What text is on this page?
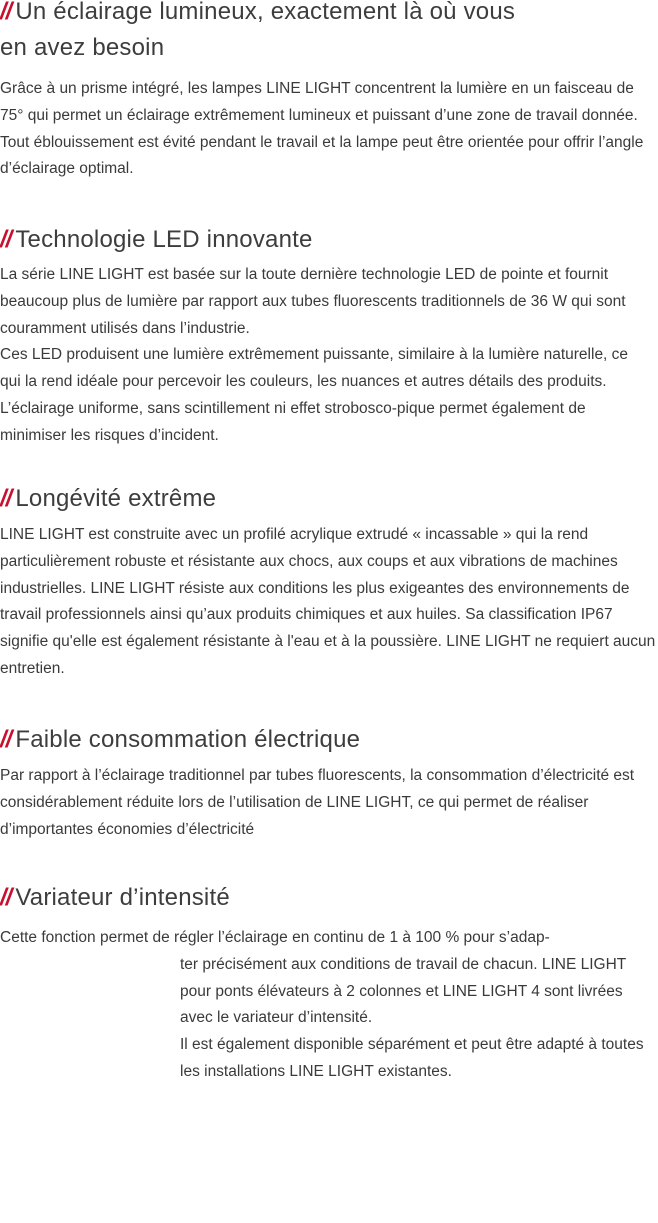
// Un éclairage lumineux, exactement là où vous
en avez besoin

Grâce à un prisme intégré, les lampes LINE LIGHT concentrent la lumière en un faisceau de 75° qui permet un éclairage extrêmement lumineux et puissant d’une zone de travail donnée. Tout éblouissement est évité pendant le travail et la lampe peut être orientée pour offrir l’angle d’éclairage optimal.

// Technologie LED innovante

La série LINE LIGHT est basée sur la toute dernière technologie LED de pointe et fournit beaucoup plus de lumière par rapport aux tubes fluorescents traditionnels de 36 W qui sont couramment utilisés dans l’industrie.

Ces LED produisent une lumière extrêmement puissante, similaire à la lumière naturelle, ce qui la rend idéale pour percevoir les couleurs, les nuances et autres détails des produits. L’éclairage uniforme, sans scintillement ni effet strobosco-pique permet également de minimiser les risques d’incident.

// Longévité extrême

LINE LIGHT est construite avec un profilé acrylique extrudé « incassable » qui la rend particulièrement robuste et résistante aux chocs, aux coups et aux vibrations de machines industrielles. LINE LIGHT résiste aux conditions les plus exigeantes des environnements de travail professionnels ainsi qu’aux produits chimiques et aux huiles. Sa classification IP67 signifie qu'elle est également résistante à l'eau et à la poussière. LINE LIGHT ne requiert aucun entretien.

// Faible consommation électrique

Par rapport à l’éclairage traditionnel par tubes fluorescents, la consommation d’électricité est considérablement réduite lors de l’utilisation de LINE LIGHT, ce qui permet de réaliser d’importantes économies d’électricité

// Variateur d’intensité

Cette fonction permet de régler l’éclairage en continu de 1 à 100 % pour s’adap-

ter précisément aux conditions de travail de chacun. LINE LIGHT pour ponts élévateurs à 2 colonnes et LINE LIGHT 4 sont livrées avec le variateur d’intensité.

Il est également disponible séparément et peut être adapté à toutes les installations LINE LIGHT existantes.
